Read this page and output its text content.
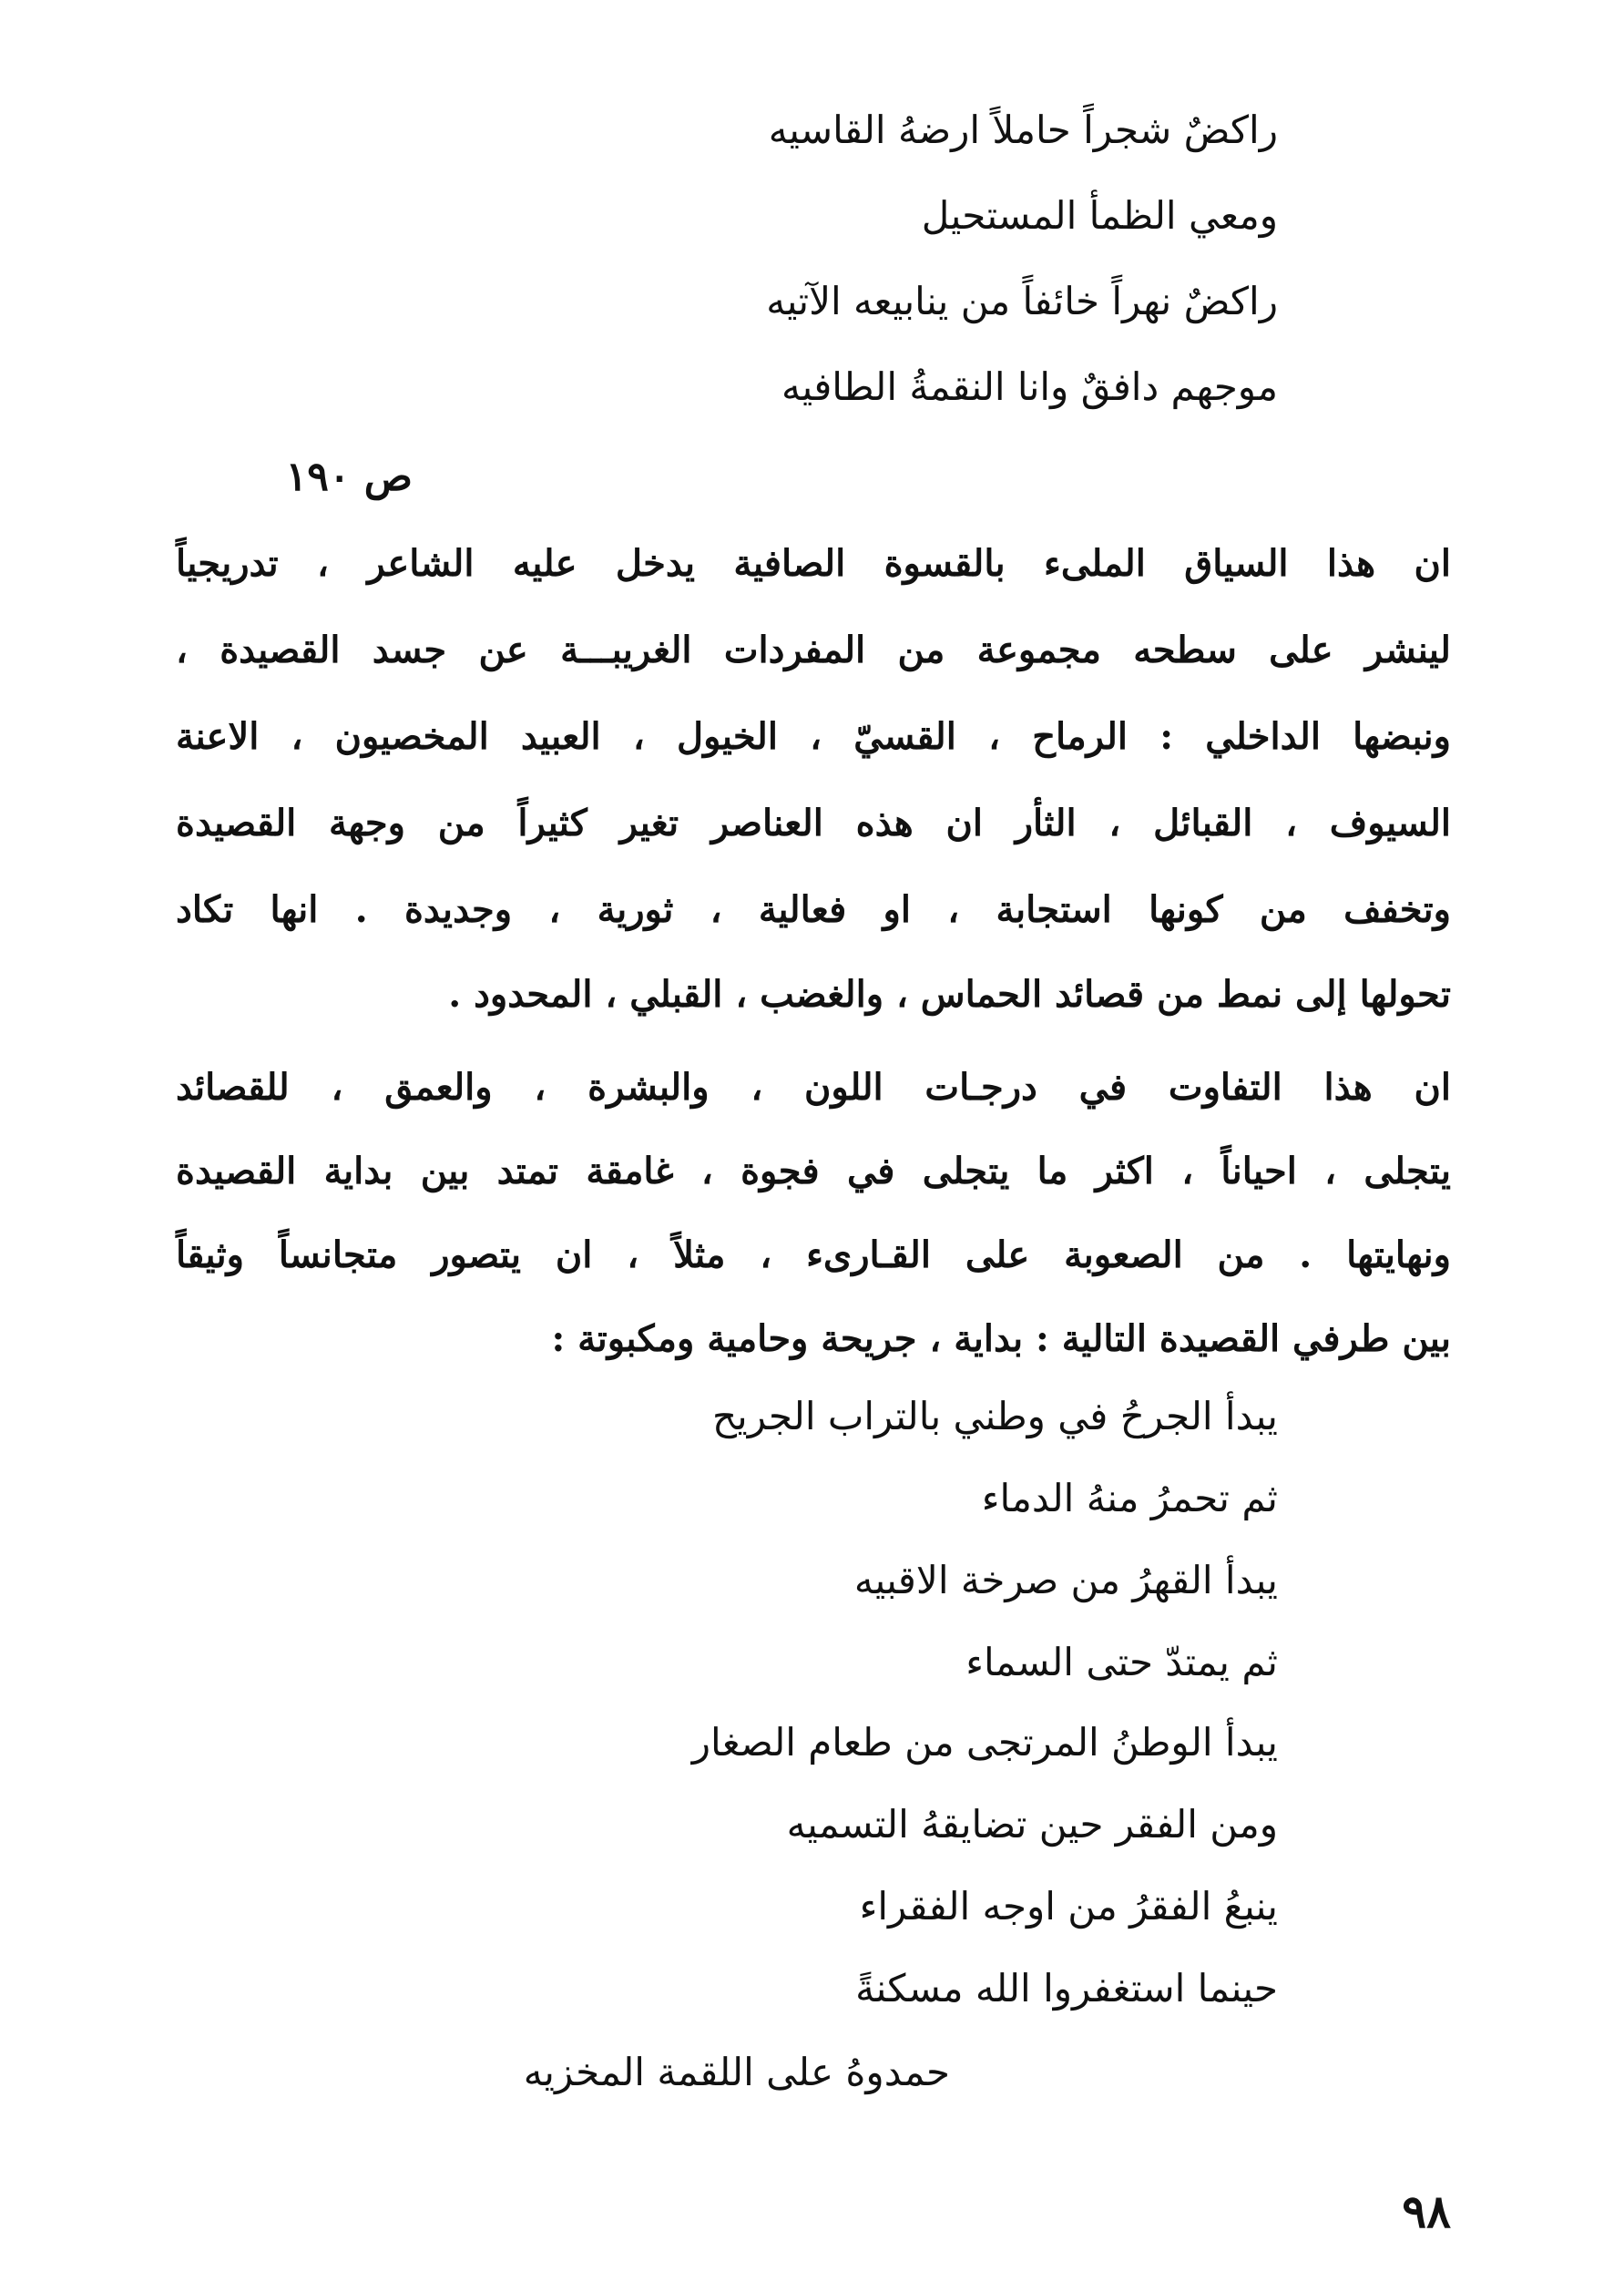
راكضٌ شجراً حاملاً ارضهُ القاسيه
ومعي الظمأ المستحيل
راكضٌ نهراً خائفاً من ينابيعه الآتيه
موجهم دافقٌ وانا النقمةُ الطافيه
ص ١٩٠
ان هذا السياق الملىء بالقسوة الصافية يدخل عليه الشاعر ، تدريجياً
لينشر على سطحه مجموعة من المفردات الغريبـــة عن جسد القصيدة ،
ونبضها الداخلي : الرماح ، القسيّ ، الخيول ، العبيد المخصيون ، الاعنة
السيوف ، القبائل ، الثأر ان هذه العناصر تغير كثيراً من وجهة القصيدة
وتخفف من كونها استجابة ، او فعالية ، ثورية ، وجديدة . انها تكاد
تحولها إلى نمط من قصائد الحماس ، والغضب ، القبلي ، المحدود .
ان هذا التفاوت في درجـات اللون ، والبشرة ، والعمق ، للقصائد
يتجلى ، احياناً ، اكثر ما يتجلى في فجوة ، غامقة تمتد بين بداية القصيدة
ونهايتها . من الصعوبة على القـارىء ، مثلاً ، ان يتصور متجانساً وثيقاً
بين طرفي القصيدة التالية : بداية ، جريحة وحامية ومكبوتة :
يبدأ الجرحُ في وطني بالتراب الجريح
ثم تحمرُ منهُ الدماء
يبدأ القهرُ من صرخة الاقبيه
ثم يمتدّ حتى السماء
يبدأ الوطنُ المرتجى من طعام الصغار
ومن الفقر حين تضايقهُ التسميه
ينبعُ الفقرُ من اوجه الفقراء
حينما استغفروا الله مسكنةً
حمدوهُ على اللقمة المخزيه
٩٨
